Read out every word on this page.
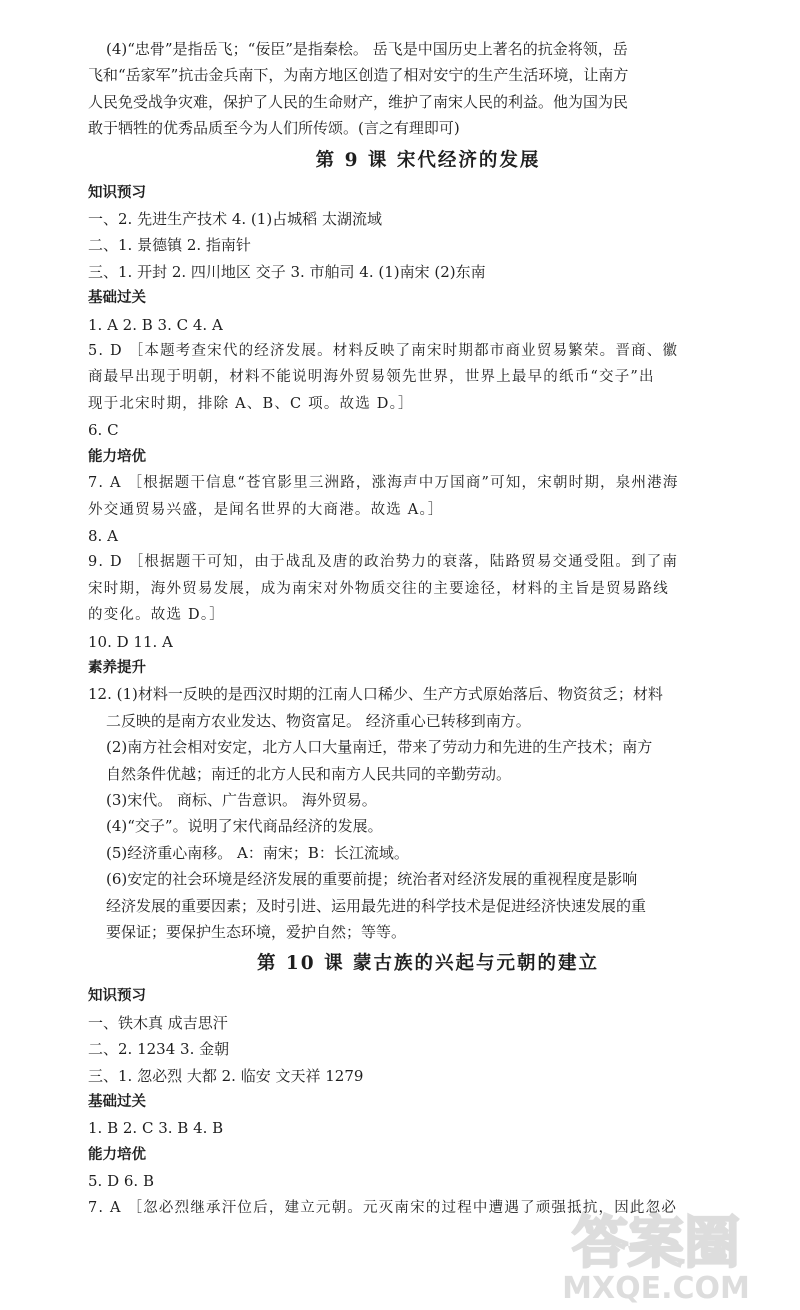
(4)“忠骨”是指岳飞；“佞臣”是指秦桧。 岳飞是中国历史上著名的抗金将领，岳
飞和“岳家军”抗击金兵南下，为南方地区创造了相对安宁的生产生活环境，让南方
人民免受战争灾难，保护了人民的生命财产，维护了南宋人民的利益。他为国为民
敢于牺牲的优秀品质至今为人们所传颂。(言之有理即可)
第 9 课 宋代经济的发展
知识预习
一、2. 先进生产技术 4. (1)占城稻 太湖流域
二、1. 景德镇 2. 指南针
三、1. 开封 2. 四川地区 交子 3. 市舶司 4. (1)南宋 (2)东南
基础过关
1. A 2. B 3. C 4. A
5. D ［本题考查宋代的经济发展。材料反映了南宋时期都市商业贸易繁荣。晋商、徽
商最早出现于明朝，材料不能说明海外贸易领先世界，世界上最早的纸币“交子”出
现于北宋时期，排除 A、B、C 项。故选 D。］
6. C
能力培优
7. A ［根据题干信息“苍官影里三洲路，涨海声中万国商”可知，宋朝时期，泉州港海
外交通贸易兴盛，是闻名世界的大商港。故选 A。］
8. A
9. D ［根据题干可知，由于战乱及唐的政治势力的衰落，陆路贸易交通受阻。到了南
宋时期，海外贸易发展，成为南宋对外物质交往的主要途径，材料的主旨是贸易路线
的变化。故选 D。］
10. D 11. A
素养提升
12. (1)材料一反映的是西汉时期的江南人口稀少、生产方式原始落后、物资贫乏；材料
二反映的是南方农业发达、物资富足。 经济重心已转移到南方。
(2)南方社会相对安定，北方人口大量南迁，带来了劳动力和先进的生产技术；南方
自然条件优越；南迁的北方人民和南方人民共同的辛勤劳动。
(3)宋代。 商标、广告意识。 海外贸易。
(4)“交子”。说明了宋代商品经济的发展。
(5)经济重心南移。 A：南宋；B：长江流域。
(6)安定的社会环境是经济发展的重要前提；统治者对经济发展的重视程度是影响
经济发展的重要因素；及时引进、运用最先进的科学技术是促进经济快速发展的重
要保证；要保护生态环境，爱护自然；等等。
第 10 课 蒙古族的兴起与元朝的建立
知识预习
一、铁木真 成吉思汗
二、2. 1234 3. 金朝
三、1. 忽必烈 大都 2. 临安 文天祥 1279
基础过关
1. B 2. C 3. B 4. B
能力培优
5. D 6. B
7. A ［忽必烈继承汗位后，建立元朝。元灭南宋的过程中遭遇了顽强抵抗，因此忽必
答案圈
MXQE.COM
